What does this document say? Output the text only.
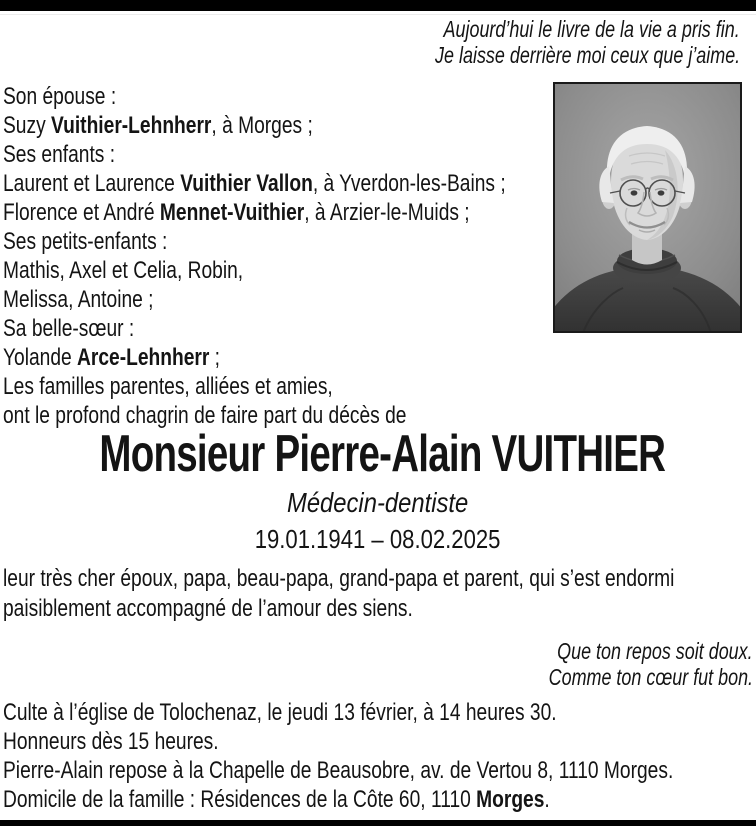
Aujourd’hui le livre de la vie a pris fin.
Je laisse derrière moi ceux que j’aime.
Son épouse :
Suzy Vuithier-Lehnherr, à Morges ;
Ses enfants :
Laurent et Laurence Vuithier Vallon, à Yverdon-les-Bains ;
Florence et André Mennet-Vuithier, à Arzier-le-Muids ;
Ses petits-enfants :
Mathis, Axel et Celia, Robin,
Melissa, Antoine ;
Sa belle-sœur :
Yolande Arce-Lehnherr ;
Les familles parentes, alliées et amies,
ont le profond chagrin de faire part du décès de
Monsieur Pierre-Alain VUITHIER
Médecin-dentiste
19.01.1941 – 08.02.2025
leur très cher époux, papa, beau-papa, grand-papa et parent, qui s’est endormi
paisiblement accompagné de l’amour des siens.
Que ton repos soit doux.
Comme ton cœur fut bon.
Culte à l’église de Tolochenaz, le jeudi 13 février, à 14 heures 30.
Honneurs dès 15 heures.
Pierre-Alain repose à la Chapelle de Beausobre, av. de Vertou 8, 1110 Morges.
Domicile de la famille : Résidences de la Côte 60, 1110 Morges.
